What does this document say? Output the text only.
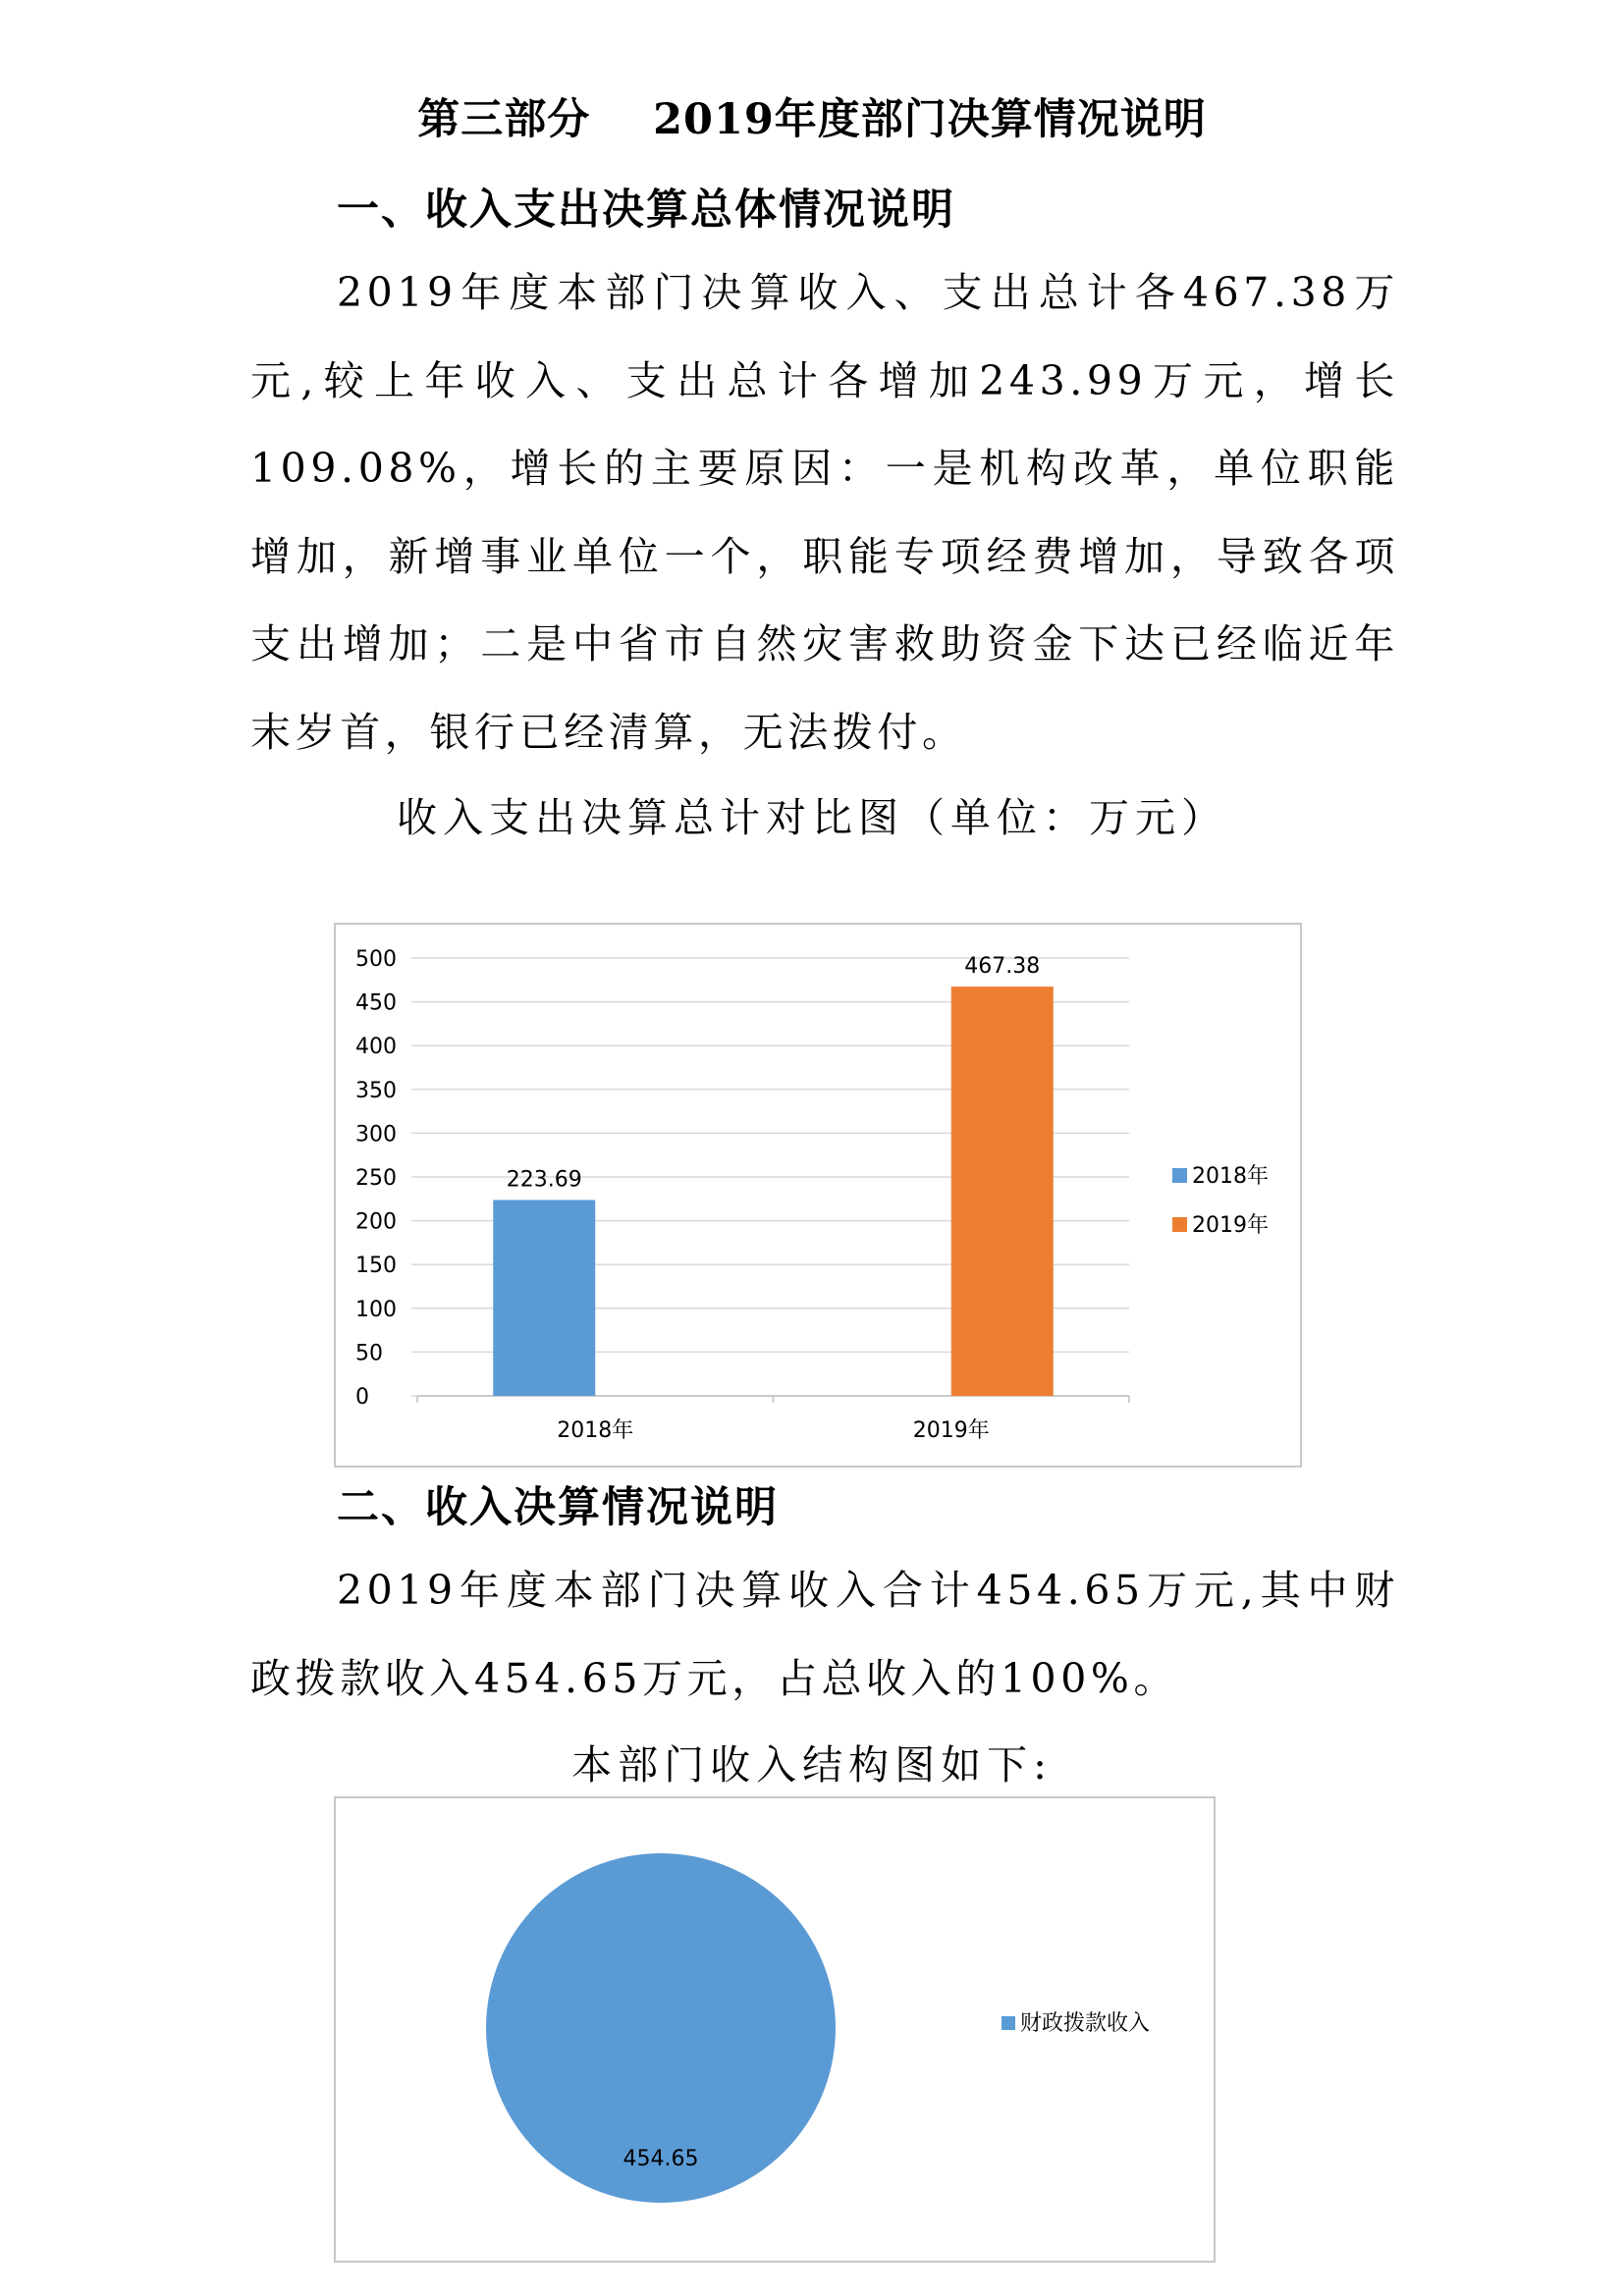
第三部分    2019年度部门决算情况说明
一、收入支出决算总体情况说明

2019年度本部门决算收入、支出总计各467.38万元,较上年收入、支出总计各增加243.99万元，增长109.08%，增长的主要原因：一是机构改革，单位职能增加，新增事业单位一个，职能专项经费增加，导致各项支出增加；二是中省市自然灾害救助资金下达已经临近年末岁首，银行已经清算，无法拨付。

收入支出决算总计对比图（单位：万元）
0
50
100
150
200
250
300
350
400
450
500
2018年	2019年
223.69
467.38
2018年
2019年
二、收入决算情况说明

2019年度本部门决算收入合计454.65万元,其中财政拨款收入454.65万元，占总收入的100%。

本部门收入结构图如下:
454.65
财政拨款收入
